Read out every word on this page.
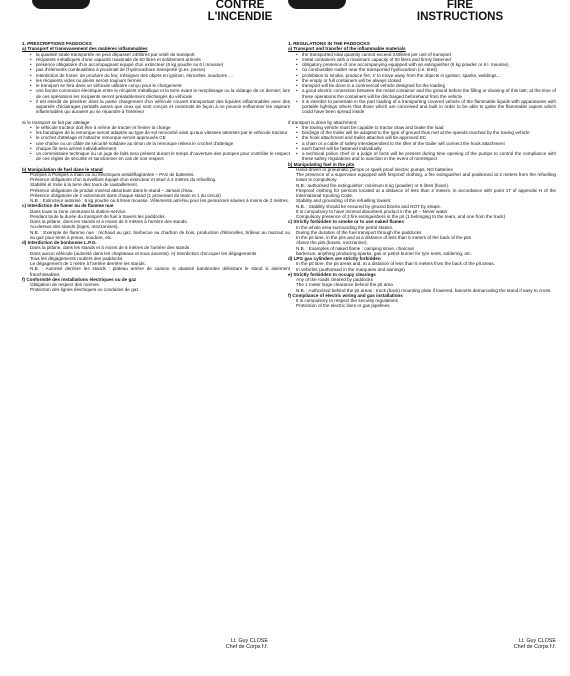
CONTRE
L'INCENDIE
1. PRESCRIPTIONS PADDOCKS
a) Transport et transvasement des matières inflammables
• la quantité totale transportée ne peut dépasser 240litres par unité de transport
• récipients métalliques d'une capacité maximale de 60 litres et solidement arrimés
• présence obligatoire d'un accompagnant équipé d'un extincteur (6 kg poudre ou 6 l.mousse)
• pas d'éléments combustibles à proximité de l'hydrocarbure transporté (p.ex. pneus)
• interdiction de fumer, de produire du feu; s'éloigner des objets en ignition, étincelles, soudures ....
• les récipients vides ou pleins seront toujours fermés
• le transport se fera dans un véhicule utilitaire conçu pour le chargement
• une bonne connexion électrique entre le récipient métallique et la terre avant le remplissage ou la vidange de ce dernier; lors de ces opérations les récipients seront préalablement déchargés du véhicule
• il est interdit de pénétrer dans la partie chargement d'un véhicule couvert transportant des liquides inflammables avec des appareils d'éclairages portatifs autres que ceux qui sont conçus et construits de façon à ne pouvoir enflammer les vapeurs inflammables qui auraient pu se répandre à l'intérieur
Si le transport se fait par attelage:
• le véhicule tracteur doit être à même de tracter et freiner la charge
• les bandages de la remorque seront adaptés au type de sol rencontré ainsi qu'aux vitesses atteintes par le véhicule tracteur
• le crochet d'attelage et l'attache remorque seront approuvés CE
• une chaîne ou un câble de sécurité solidaire au timon de la remorque reliera le crochet d'attelage
• chaque fût sera arrimé individuellement
• un commissaire technique ou un juge de faits sera présent durant le temps d'ouverture des pompes pour contrôler le respect de ces règles de sécurité et sanctionner en cas de non respect
b) Manipulation de fuel dans le stand
Pompes à Pompes à main ou ou électriques antidéflagrantes – PAS de batteries.
Présence obligatoire d'un surveillant équipé d'un extincteur et situé à 2 mètres du refuelling.
Stabilité et mise à la terre des tours de ravitaillement.
Présence obligatoire de produit minéral absorbant dans le stand – Jamais d'eau.
Présence obligatoire de 2 extincteurs dans chaque stand (1 provenant du team et 1 du circuit)
N.B. : Extincteur autorisé : 6 kg poudre ou 6 litres mousse. Vêtements anti-feu pour les personnes situées à moins de 2 mètres.
c) Interdiction de fumer ou de flamme nue
Dans toute la zone ceinturant la station-service.
Pendant toute la durée du transport de fuel à travers les paddocks.
Dans la pitlane, dans les stands et à moins de 5 mètres à l'arrière des stands.
Au-dessus des stands (loges, mezzanines).
N.B. : Exemple de flamme nue : réchaud au gaz, barbecue au charbon de bois, production d'étincelles, brûleur au mazout ou au gaz pour tente à pneus, soudure, etc.
d) Interdiction de bonbonne L.P.G.
Dans la pitlane, dans les stands et à moins de 5 mètres de l'arrière des stands.
Dans aucun véhicule (autorisé dans les chapiteaux et sous auvents). e) Interdiction d'occuper les dégagements
Tous les dégagements routiers des paddocks.
Le dégagement de 1 mètre à l'arrière derrière les stands.
N.B. : Autorisé derrière les stands : plateau arrière de camion si abaissé banderoles délimitant le stand si aisément franchissables.
f) Conformité des installations électriques ou de gaz
Obligation de respect des normes.
Protection des lignes électriques ou conduites de gaz.
Lt. Guy CLOSE
Chef de Corps f.f.
FIRE
INSTRUCTIONS
1. REGULATIONS IN THE PADDOCKS
a) Transport and transfer of the inflammable materials
• the transported total quantity cannot exceed 240litres per unit of transport
• metal containers with a maximum capacity of 60 liters and firmly fastened
• obligatory presence of one accompanying equipped with an extinguisher (6 kg powder or 6 l. mousse)
• no combustible matter near the transported hydrocarbon (i.e. tires)
• prohibition to smoke, produce fire; s' to move away from the objects in ignition, sparks, weldings....
• the empty or full containers will be always closed
• transport will be done in a commercial vehicle designed for the loading
• a good electric connection between the metal container and the ground before the filling or draining of this last; at the time of these operations the containers will be discharged beforehand from the vehicle
• it is interdict to penetrate in the part loading of a transporting covered vehicle of the flammable liquids with apparatuses with portable lightings others that those which are conceived and built in order to be able to ignite the flammable vapors which could have been spread inside
If transport is done by attachment:
• the towing vehicle must be capable to tractor draw and brake the load
• bindings of the trailer will be adapted to the type of ground thus met at the speeds reached by the towing vehicle
• the hook attachment and trailer attaches will be approved EC
• a chain or a cable of safety interdependent to the tiller of the trailer will connect the hook attachment
• each barrel will be fastened individually
• a technical police chief or a judge of facts will be present during time opening of the pumps to control the compliance with these safety regulations and to sanction in the event of nonrespect
b) Manipulating fuel in the pits
Hand-driven or pneumatic pumps or spark proof electric pumps, NO batteries
The presence of a supervisor equipped with fireproof clothing, a fire extinguisher and positioned at 2 meters from the refuelling tower is compulsory
N.B.: authorised fire extinguisher: minimum 6 kg (powder) or 6 litres (foam).
Fireproof clothing for persons located at a distance of less than 2 meters, in accordance with point 17 of appendix H of the International Sporting Code.
Stability and grounding of the refuelling towers:
N.B. : Stability should be ensured by ground blocks and NOT by straps.
It is compulsory to have mineral absorbent product in the pit – Never water
Compulsory presence of 2 fire extinguishers in the pit (1 belonging to the team, and one from the track)
c) Strictly forbidden to smoke or to use naked flames
In the whole area surrounding the petrol station.
During the duration of the fuel transport through the paddocks
In the pit lane, in the pits and at a distance of less than 5 meters of the back of the pits
Above the pits (boxes, mezzanine).
N.B. : Examples of naked flame : camping stove, charcoal
barbecue, anything producing sparks, gas or petrol burner for tyre tents, soldering, etc.
d) LPG gas cylinders are strictly forbidden
In the pit lane, the pit areas and, at a distance of less than 5 meters from the back of the pit areas.
In vehicles (authorised in the marquees and awnings)
e) Strictly forbidden to occupy clearings
Any of the roads cleared by paddocks
The 1 meter large clearance behind the pit area
N.B. : Authorized behind the pit areas : truck (back) mounting plate if lowered, banners demarcating the stand if easy to cross.
f) Compliance of electric wiring and gas installations
It is compulsory to respect the security regulations
Protection of the electric lines or gas pipelines.
Lt. Guy CLOSE
Chef de Corps f.f.
